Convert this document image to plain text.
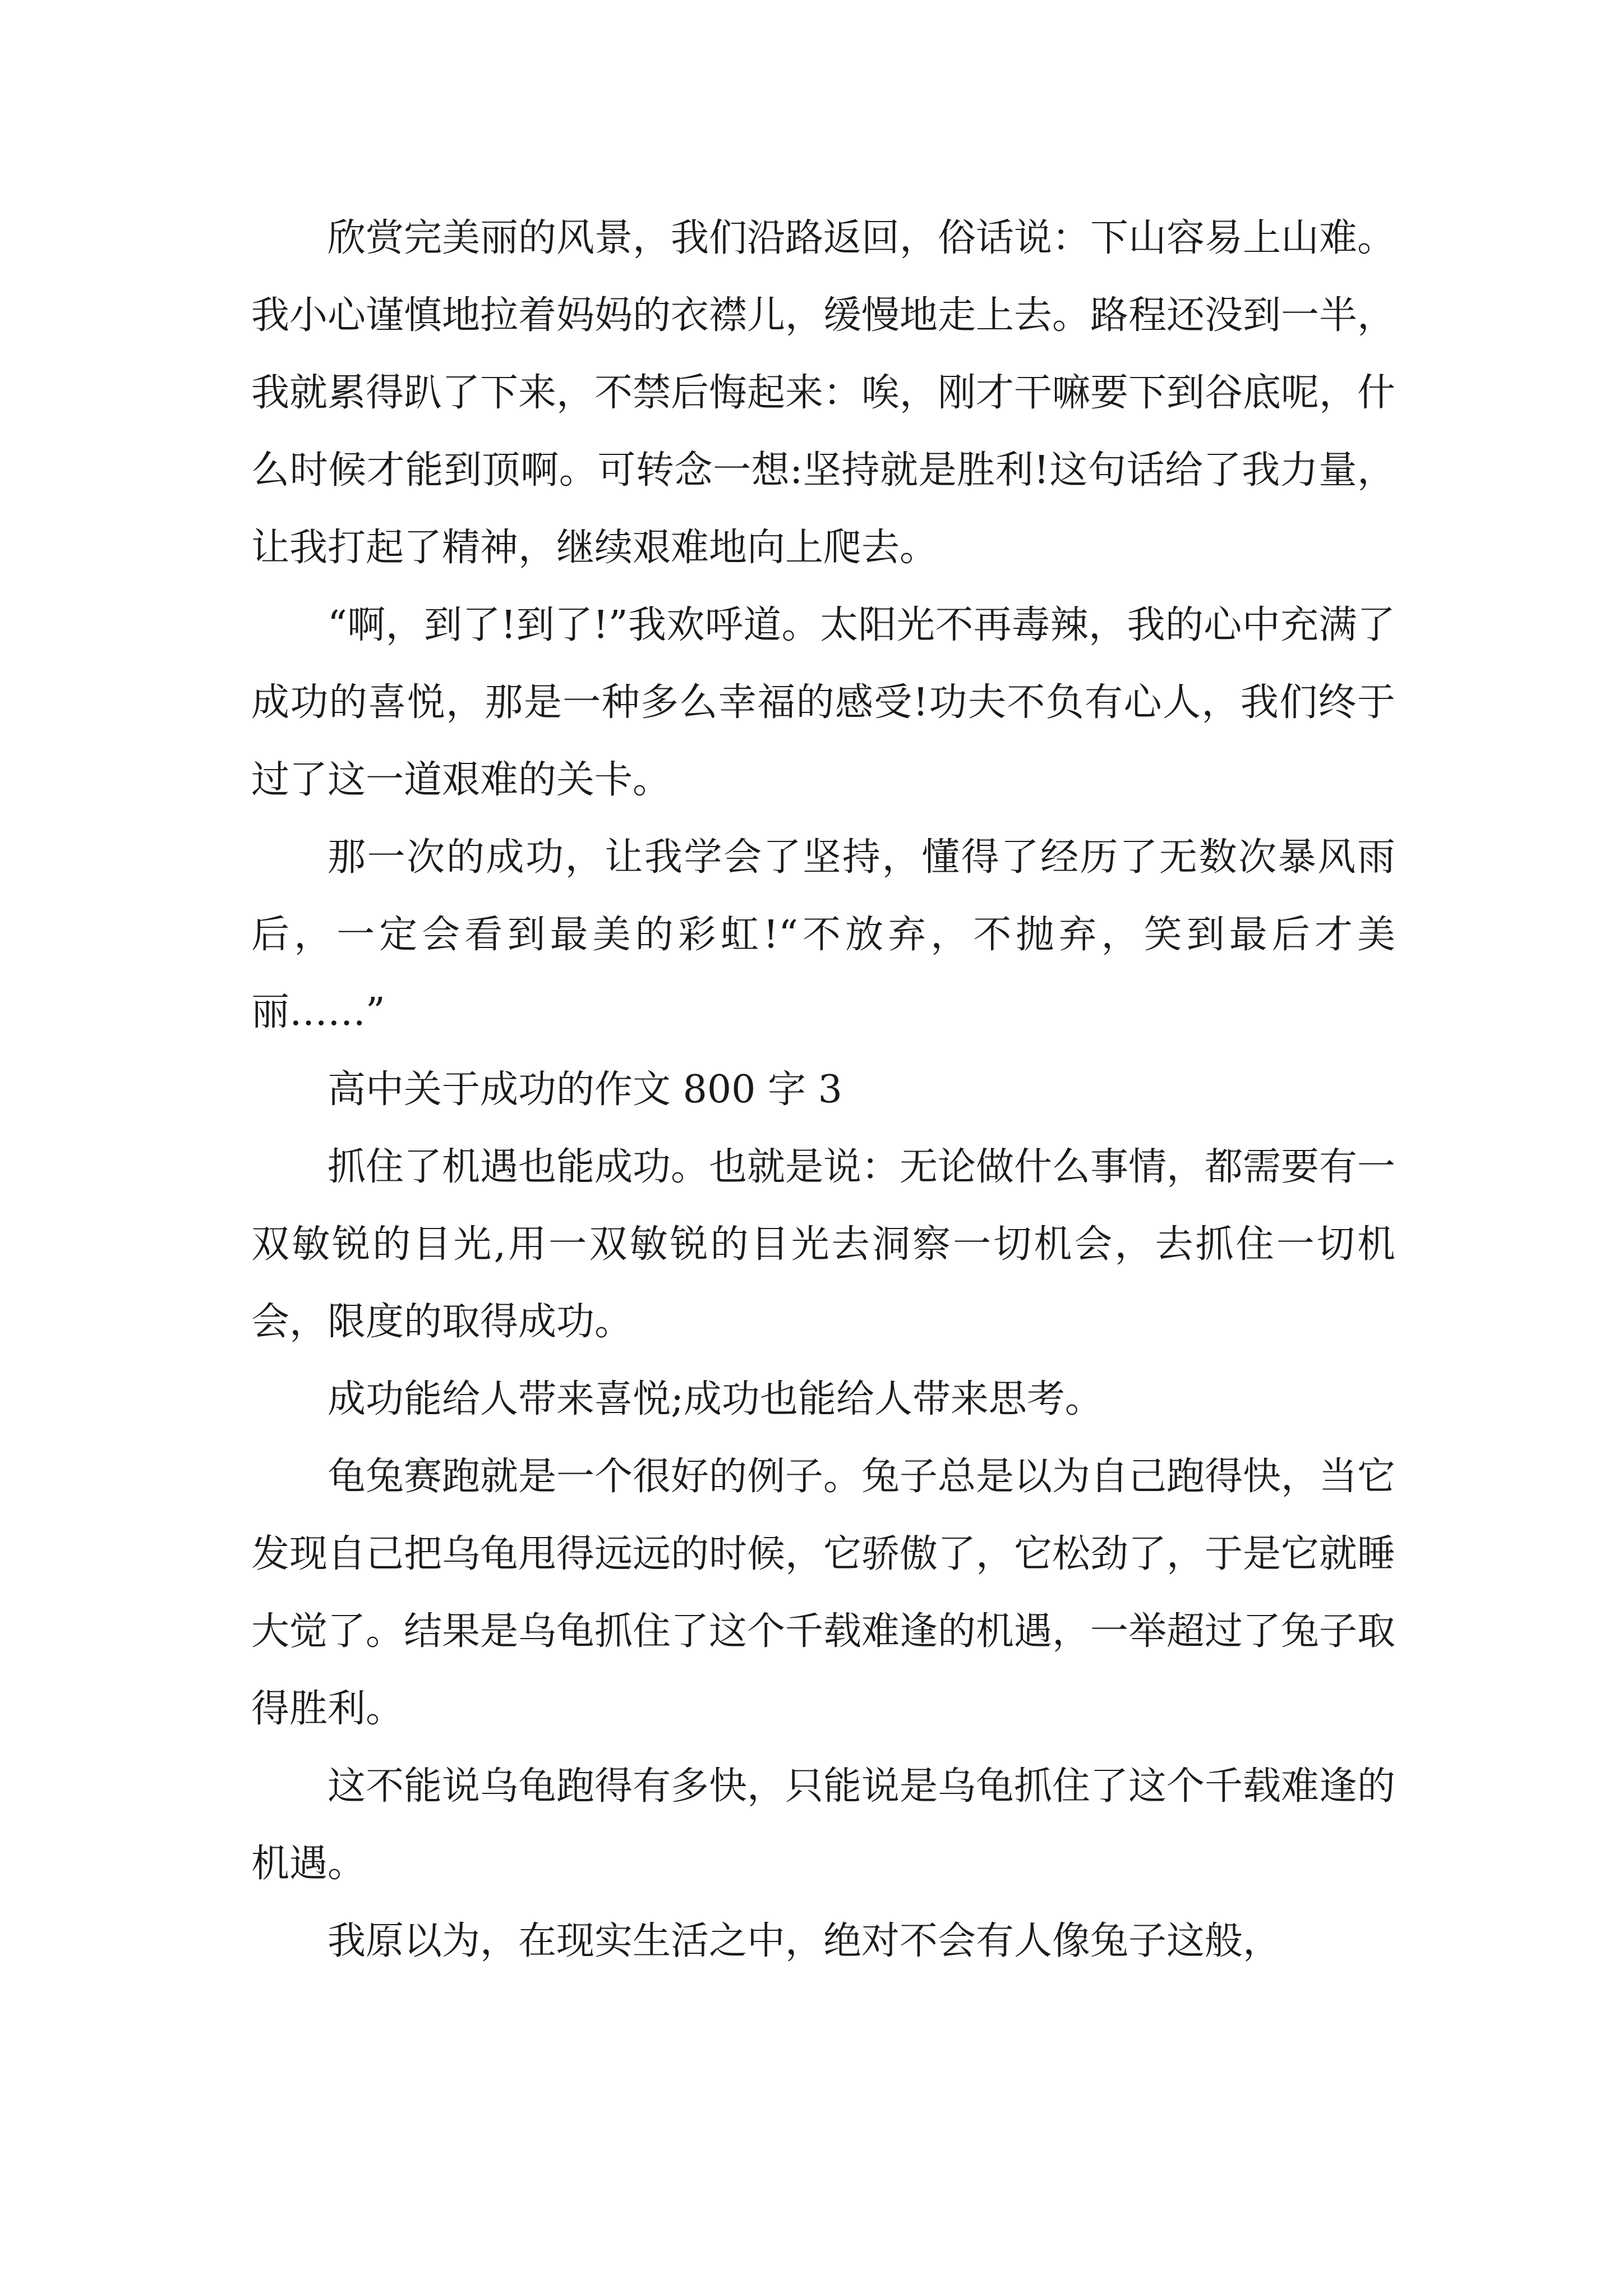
欣赏完美丽的风景，我们沿路返回，俗话说：下山容易上山难。我小心谨慎地拉着妈妈的衣襟儿，缓慢地走上去。路程还没到一半，我就累得趴了下来，不禁后悔起来：唉，刚才干嘛要下到谷底呢，什么时候才能到顶啊。可转念一想:坚持就是胜利!这句话给了我力量，让我打起了精神，继续艰难地向上爬去。

“啊，到了!到了!”我欢呼道。太阳光不再毒辣，我的心中充满了成功的喜悦，那是一种多么幸福的感受!功夫不负有心人，我们终于过了这一道艰难的关卡。

那一次的成功，让我学会了坚持，懂得了经历了无数次暴风雨后，一定会看到最美的彩虹!“不放弃，不抛弃，笑到最后才美丽……”

高中关于成功的作文 800 字 3

抓住了机遇也能成功。也就是说：无论做什么事情，都需要有一双敏锐的目光,用一双敏锐的目光去洞察一切机会，去抓住一切机会，限度的取得成功。

成功能给人带来喜悦;成功也能给人带来思考。

龟兔赛跑就是一个很好的例子。兔子总是以为自己跑得快，当它发现自己把乌龟甩得远远的时候，它骄傲了，它松劲了，于是它就睡大觉了。结果是乌龟抓住了这个千载难逢的机遇，一举超过了兔子取得胜利。

这不能说乌龟跑得有多快，只能说是乌龟抓住了这个千载难逢的机遇。

我原以为，在现实生活之中，绝对不会有人像兔子这般，
